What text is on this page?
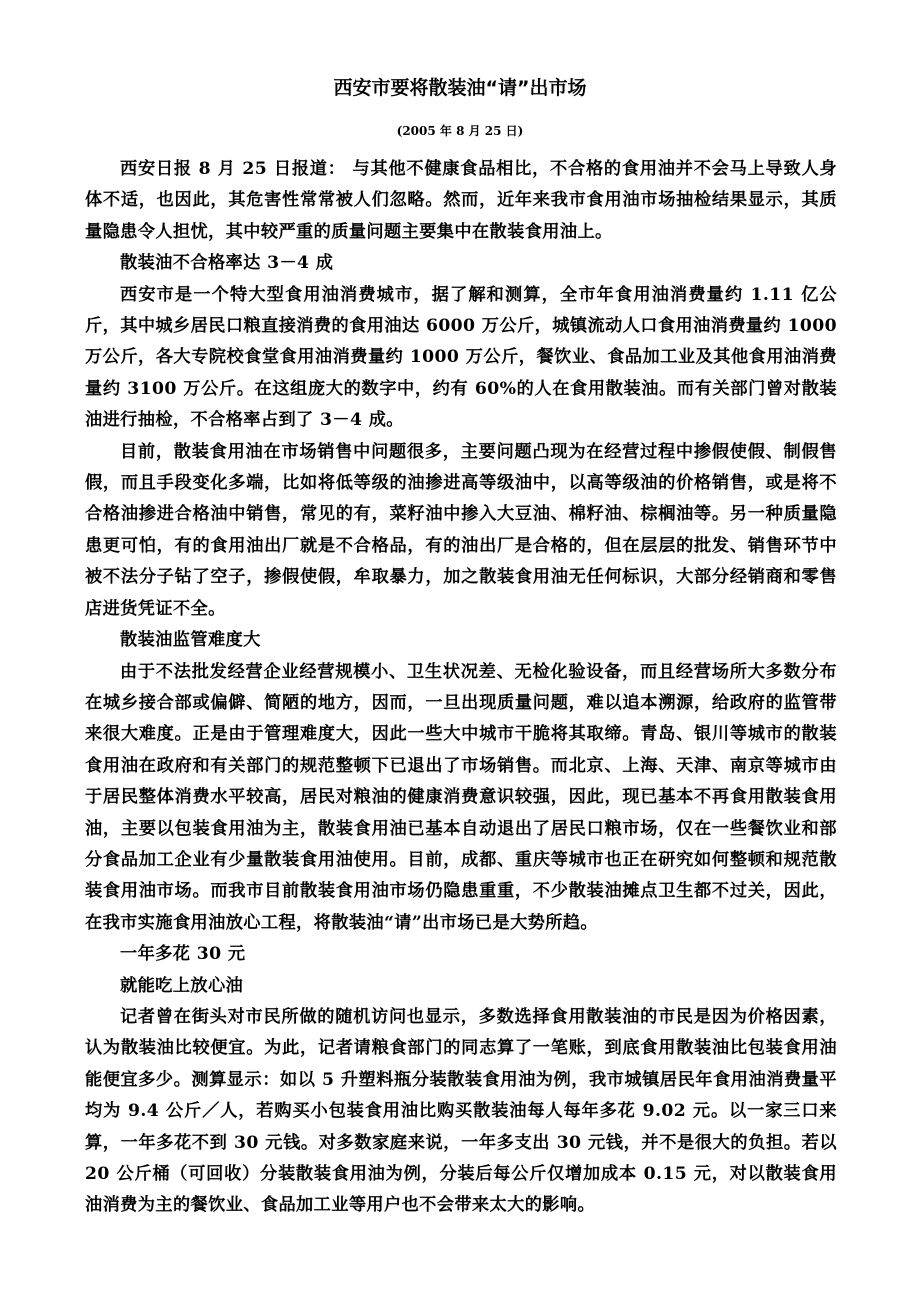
西安市要将散装油“请”出市场
(2005 年 8 月 25 日)

西安日报 8 月 25 日报道： 与其他不健康食品相比，不合格的食用油并不会马上导致人身体不适，也因此，其危害性常常被人们忽略。然而，近年来我市食用油市场抽检结果显示，其质量隐患令人担忧，其中较严重的质量问题主要集中在散装食用油上。

散装油不合格率达 3－4 成

西安市是一个特大型食用油消费城市，据了解和测算，全市年食用油消费量约 1.11 亿公斤，其中城乡居民口粮直接消费的食用油达 6000 万公斤，城镇流动人口食用油消费量约 1000 万公斤，各大专院校食堂食用油消费量约 1000 万公斤，餐饮业、食品加工业及其他食用油消费量约 3100 万公斤。在这组庞大的数字中，约有 60%的人在食用散装油。而有关部门曾对散装油进行抽检，不合格率占到了 3－4 成。

目前，散装食用油在市场销售中问题很多，主要问题凸现为在经营过程中掺假使假、制假售假，而且手段变化多端，比如将低等级的油掺进高等级油中，以高等级油的价格销售，或是将不合格油掺进合格油中销售，常见的有，菜籽油中掺入大豆油、棉籽油、棕榈油等。另一种质量隐患更可怕，有的食用油出厂就是不合格品，有的油出厂是合格的，但在层层的批发、销售环节中被不法分子钻了空子，掺假使假，牟取暴力，加之散装食用油无任何标识，大部分经销商和零售店进货凭证不全。

散装油监管难度大

由于不法批发经营企业经营规模小、卫生状况差、无检化验设备，而且经营场所大多数分布在城乡接合部或偏僻、简陋的地方，因而，一旦出现质量问题，难以追本溯源，给政府的监管带来很大难度。正是由于管理难度大，因此一些大中城市干脆将其取缔。青岛、银川等城市的散装食用油在政府和有关部门的规范整顿下已退出了市场销售。而北京、上海、天津、南京等城市由于居民整体消费水平较高，居民对粮油的健康消费意识较强，因此，现已基本不再食用散装食用油，主要以包装食用油为主，散装食用油已基本自动退出了居民口粮市场，仅在一些餐饮业和部分食品加工企业有少量散装食用油使用。目前，成都、重庆等城市也正在研究如何整顿和规范散装食用油市场。而我市目前散装食用油市场仍隐患重重，不少散装油摊点卫生都不过关，因此，在我市实施食用油放心工程，将散装油“请”出市场已是大势所趋。

一年多花 30 元

就能吃上放心油

记者曾在街头对市民所做的随机访问也显示，多数选择食用散装油的市民是因为价格因素，认为散装油比较便宜。为此，记者请粮食部门的同志算了一笔账，到底食用散装油比包装食用油能便宜多少。测算显示：如以 5 升塑料瓶分装散装食用油为例，我市城镇居民年食用油消费量平均为 9.4 公斤／人，若购买小包装食用油比购买散装油每人每年多花 9.02 元。以一家三口来算，一年多花不到 30 元钱。对多数家庭来说，一年多支出 30 元钱，并不是很大的负担。若以 20 公斤桶（可回收）分装散装食用油为例，分装后每公斤仅增加成本 0.15 元，对以散装食用油消费为主的餐饮业、食品加工业等用户也不会带来太大的影响。
